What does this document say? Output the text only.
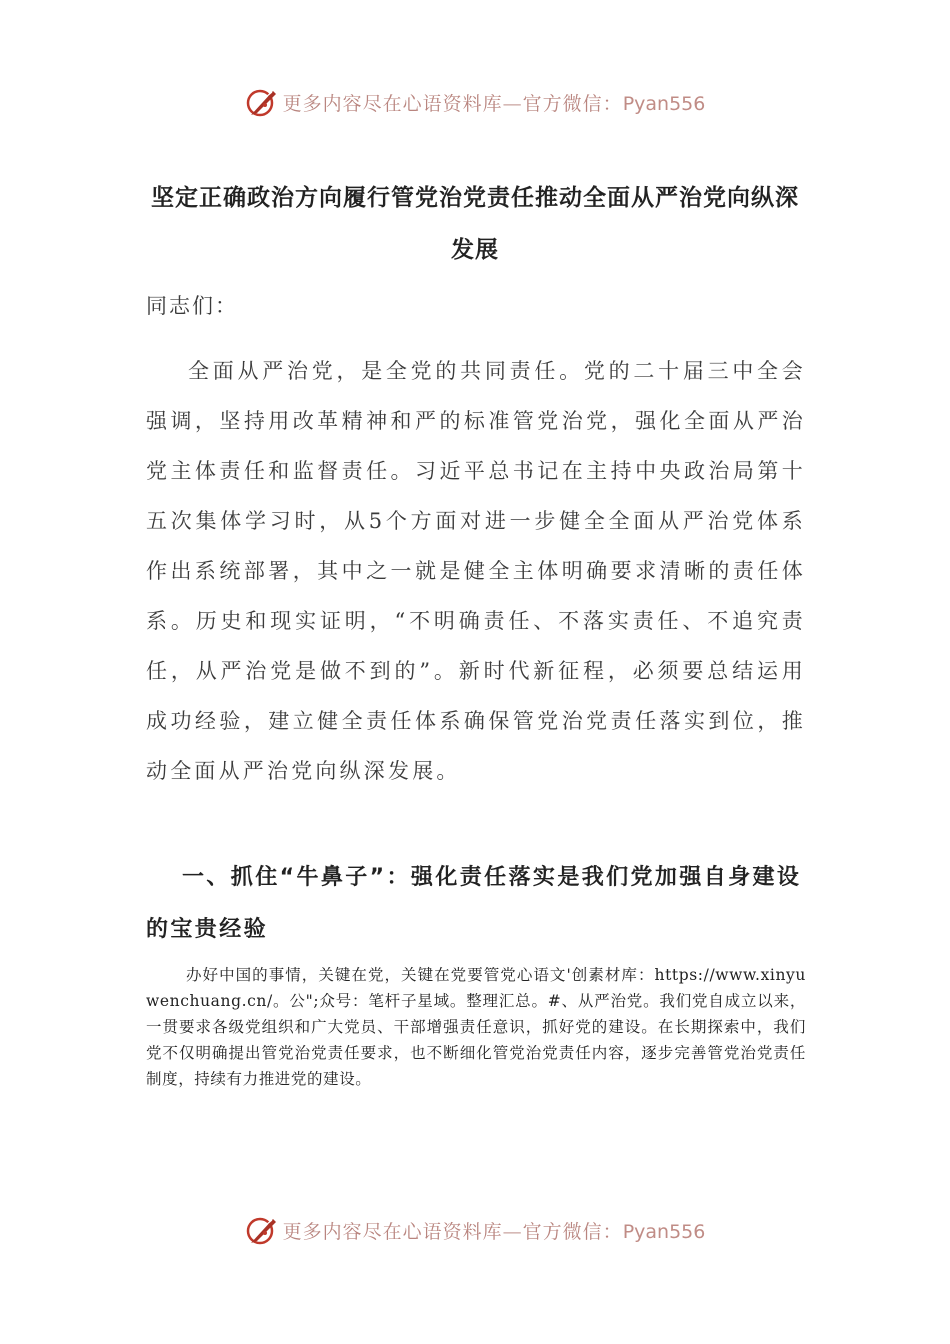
更多内容尽在心语资料库—官方微信：Pyan556
坚定正确政治方向履行管党治党责任推动全面从严治党向纵深发展
同志们：
全面从严治党，是全党的共同责任。党的二十届三中全会强调，坚持用改革精神和严的标准管党治党，强化全面从严治党主体责任和监督责任。习近平总书记在主持中央政治局第十五次集体学习时，从5个方面对进一步健全全面从严治党体系作出系统部署，其中之一就是健全主体明确要求清晰的责任体系。历史和现实证明，“不明确责任、不落实责任、不追究责任，从严治党是做不到的”。新时代新征程，必须要总结运用成功经验，建立健全责任体系确保管党治党责任落实到位，推动全面从严治党向纵深发展。
一、抓住“牛鼻子”：强化责任落实是我们党加强自身建设的宝贵经验
办好中国的事情，关键在党，关键在党要管党心语文'创素材库：https://www.xinyuwenchuang.cn/。公";众号：笔杆子星域。整理汇总。#、从严治党。我们党自成立以来，一贯要求各级党组织和广大党员、干部增强责任意识，抓好党的建设。在长期探索中，我们党不仅明确提出管党治党责任要求，也不断细化管党治党责任内容，逐步完善管党治党责任制度，持续有力推进党的建设。
更多内容尽在心语资料库—官方微信：Pyan556
